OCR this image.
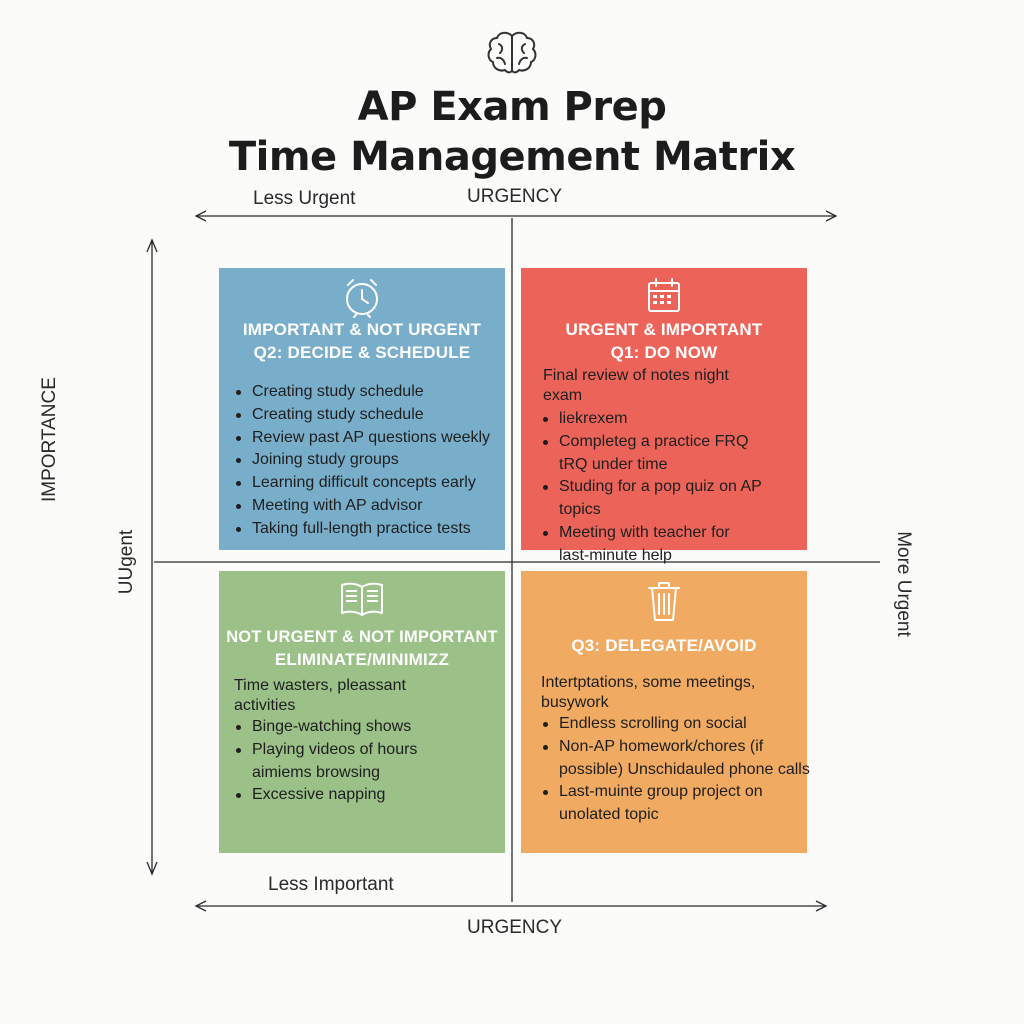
AP Exam Prep
Time Management Matrix
Less Urgent	URGENCY
Less Important
URGENCY
IMPORTANCE
UUgent	More Urgent
IMPORTANT & NOT URGENT
Q2: DECIDE & SCHEDULE
Creating study schedule
Creating study schedule
Review past AP questions weekly
Joining study groups
Learning difficult concepts early
Meeting with AP advisor
Taking full-length practice tests
URGENT & IMPORTANT
Q1: DO NOW
Final review of notes night exam
liekrexem
Completeg a practice FRQ tRQ under time
Studing for a pop quiz on AP topics
Meeting with teacher for last-minute help
NOT URGENT & NOT IMPORTANT
ELIMINATE/MINIMIZZ
Time wasters, pleassant activities
Binge-watching shows
Playing videos of hours aimiems browsing
Excessive napping
Q3: DELEGATE/AVOID
Intertptations, some meetings, busywork
Endless scrolling on social
Non-AP homework/chores (if possible) Unschidauled phone calls
Last-muinte group project on unolated topic
